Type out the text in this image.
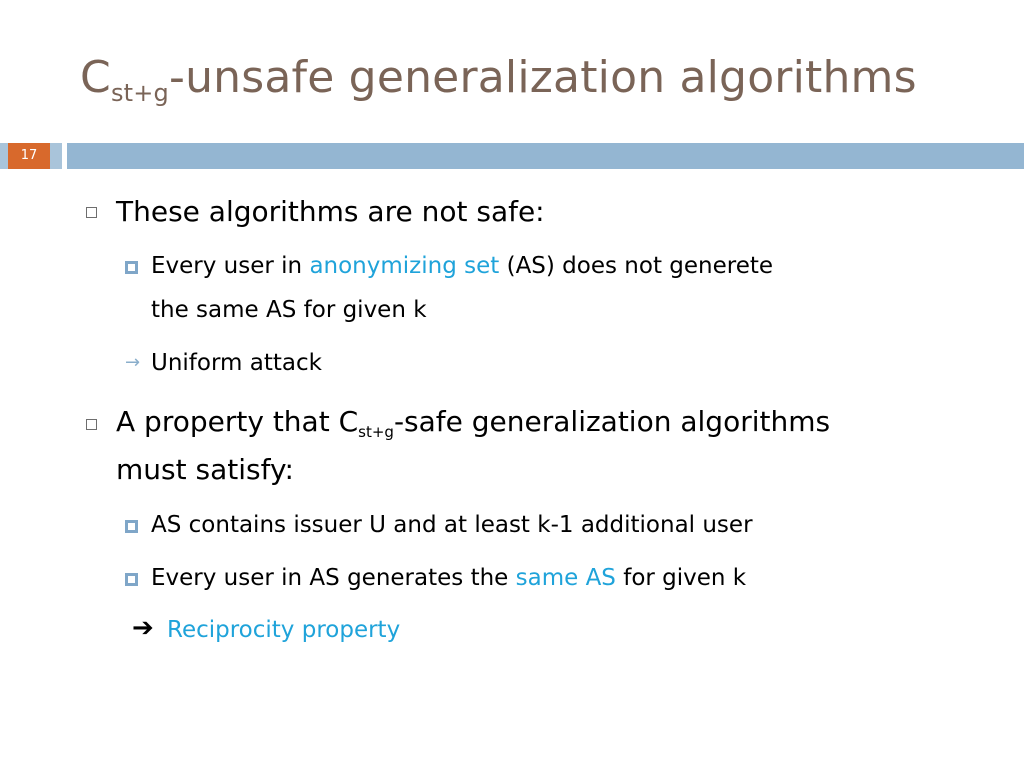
$C_{st+g}$-unsafe generalization algorithms
17
These algorithms are not safe:
Every user in anonymizing set (AS) does not generete
the same AS for given k
→ Uniform attack
A property that $C_{st+g}$-safe generalization algorithms
must satisfy:
AS contains issuer U and at least k-1 additional user
Every user in AS generates the same AS for given k
➔ Reciprocity property
